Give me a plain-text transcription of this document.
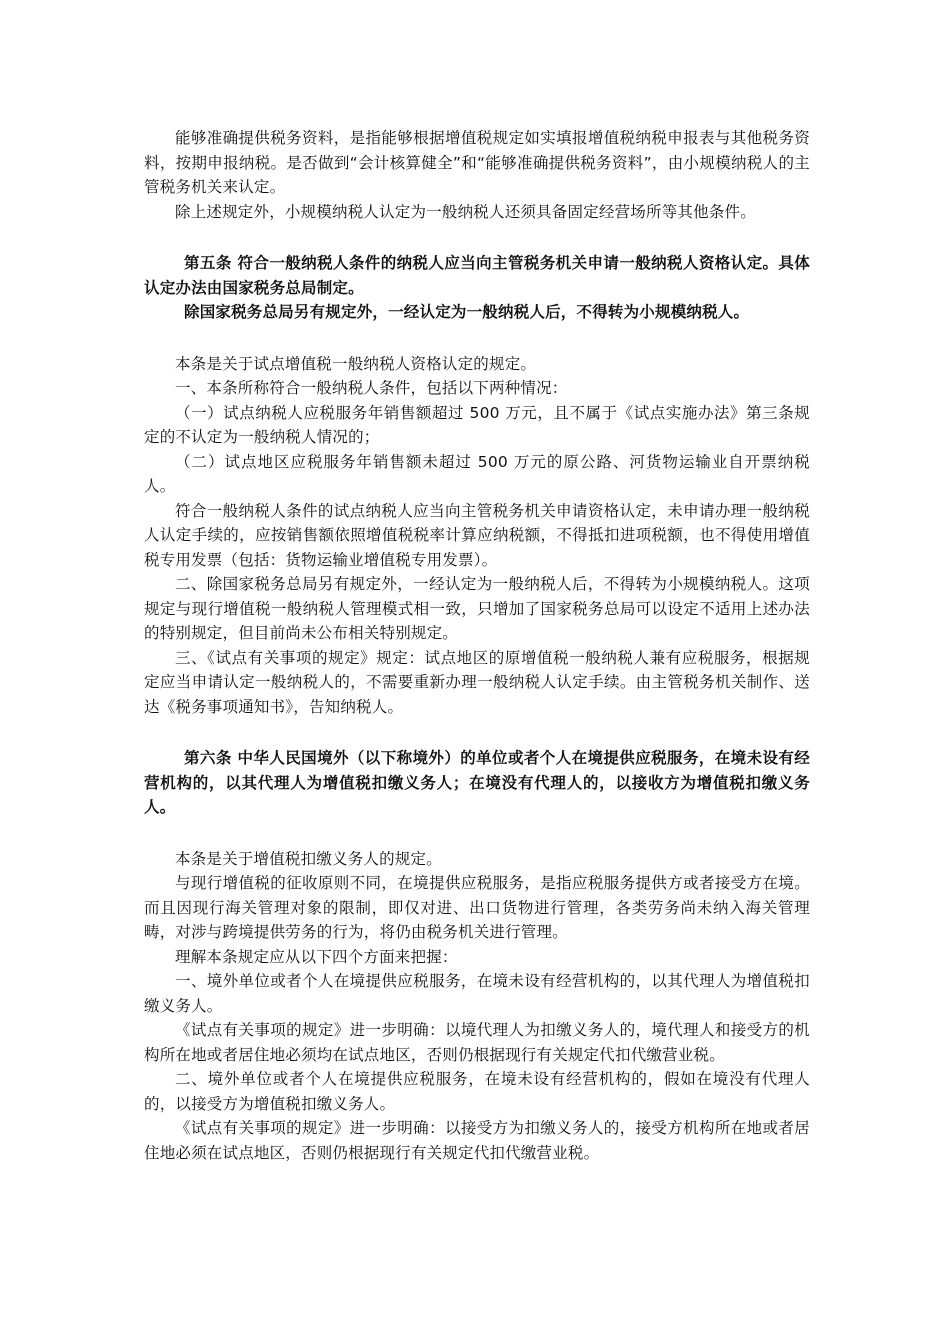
能够准确提供税务资料，是指能够根据增值税规定如实填报增值税纳税申报表与其他税务资料，按期申报纳税。是否做到“会计核算健全”和“能够准确提供税务资料”，由小规模纳税人的主管税务机关来认定。

除上述规定外，小规模纳税人认定为一般纳税人还须具备固定经营场所等其他条件。

第五条 符合一般纳税人条件的纳税人应当向主管税务机关申请一般纳税人资格认定。具体认定办法由国家税务总局制定。

除国家税务总局另有规定外，一经认定为一般纳税人后，不得转为小规模纳税人。

本条是关于试点增值税一般纳税人资格认定的规定。

一、本条所称符合一般纳税人条件，包括以下两种情况：

（一）试点纳税人应税服务年销售额超过 500 万元，且不属于《试点实施办法》第三条规定的不认定为一般纳税人情况的；

（二）试点地区应税服务年销售额未超过 500 万元的原公路、河货物运输业自开票纳税人。

符合一般纳税人条件的试点纳税人应当向主管税务机关申请资格认定，未申请办理一般纳税人认定手续的，应按销售额依照增值税税率计算应纳税额，不得抵扣进项税额，也不得使用增值税专用发票（包括：货物运输业增值税专用发票）。

二、除国家税务总局另有规定外，一经认定为一般纳税人后，不得转为小规模纳税人。这项规定与现行增值税一般纳税人管理模式相一致，只增加了国家税务总局可以设定不适用上述办法的特别规定，但目前尚未公布相关特别规定。

三、《试点有关事项的规定》规定：试点地区的原增值税一般纳税人兼有应税服务，根据规定应当申请认定一般纳税人的，不需要重新办理一般纳税人认定手续。由主管税务机关制作、送达《税务事项通知书》，告知纳税人。

第六条 中华人民国境外（以下称境外）的单位或者个人在境提供应税服务，在境未设有经营机构的，以其代理人为增值税扣缴义务人；在境没有代理人的，以接收方为增值税扣缴义务人。

本条是关于增值税扣缴义务人的规定。

与现行增值税的征收原则不同，在境提供应税服务，是指应税服务提供方或者接受方在境。而且因现行海关管理对象的限制，即仅对进、出口货物进行管理，各类劳务尚未纳入海关管理畴，对涉与跨境提供劳务的行为，将仍由税务机关进行管理。

理解本条规定应从以下四个方面来把握：

一、境外单位或者个人在境提供应税服务，在境未设有经营机构的，以其代理人为增值税扣缴义务人。

《试点有关事项的规定》进一步明确：以境代理人为扣缴义务人的，境代理人和接受方的机构所在地或者居住地必须均在试点地区，否则仍根据现行有关规定代扣代缴营业税。

二、境外单位或者个人在境提供应税服务，在境未设有经营机构的，假如在境没有代理人的，以接受方为增值税扣缴义务人。

《试点有关事项的规定》进一步明确：以接受方为扣缴义务人的，接受方机构所在地或者居住地必须在试点地区，否则仍根据现行有关规定代扣代缴营业税。
